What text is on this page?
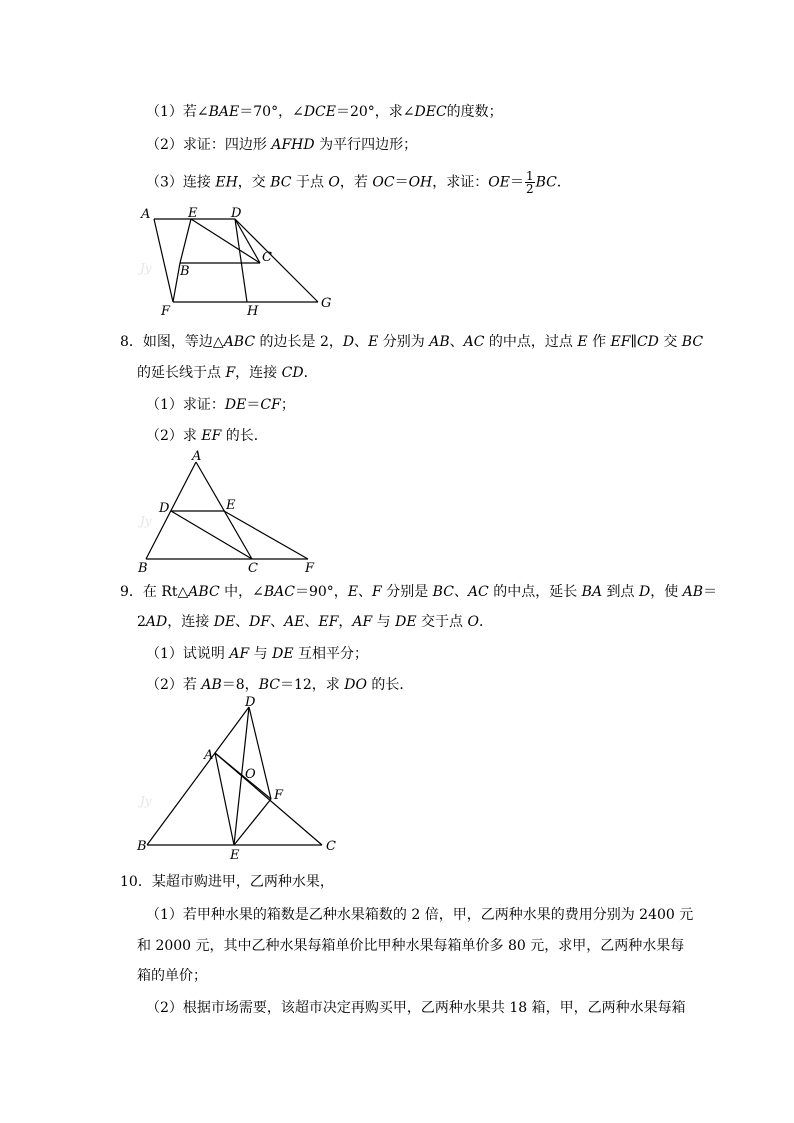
（1）若∠BAE＝70°，∠DCE＝20°，求∠DEC的度数；
（2）求证：四边形 AFHD 为平行四边形；
（3）连接 EH，交 BC 于点 O，若 OC＝OH，求证：$OE= \frac{1}{2}$ BC．
Jy
A	E	D
C
B
F	H
G
8．如图，等边△ABC 的边长是 2，D、E 分别为 AB、AC 的中点，过点 E 作 EF∥CD 交 BC
的延长线于点 F，连接 CD．
（1）求证：DE＝CF；
（2）求 EF 的长．
Jy
A
D	E
B	C	F
9．在 Rt△ABC 中，∠BAC＝90°，E、F 分别是 BC、AC 的中点，延长 BA 到点 D，使 AB＝
2AD，连接 DE、DF、AE、EF，AF 与 DE 交于点 O．
（1）试说明 AF 与 DE 互相平分；
（2）若 AB＝8，BC＝12，求 DO 的长．
Jy
D
A
O
F
B
E
C
10．某超市购进甲，乙两种水果，
（1）若甲种水果的箱数是乙种水果箱数的 2 倍，甲，乙两种水果的费用分别为 2400 元
和 2000 元，其中乙种水果每箱单价比甲种水果每箱单价多 80 元，求甲，乙两种水果每
箱的单价；
（2）根据市场需要，该超市决定再购买甲，乙两种水果共 18 箱，甲，乙两种水果每箱
